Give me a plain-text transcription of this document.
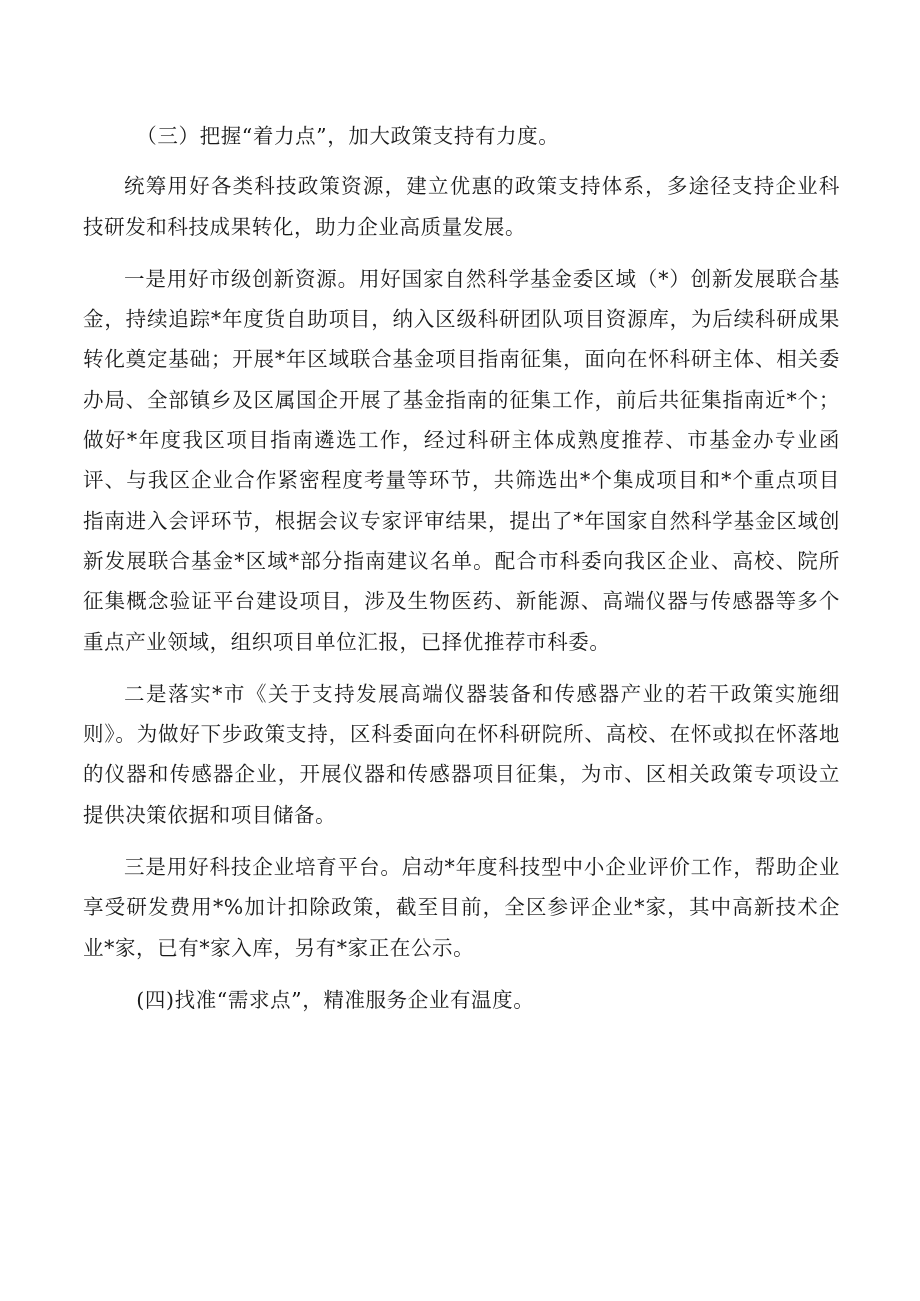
（三）把握“着力点”，加大政策支持有力度。

统筹用好各类科技政策资源，建立优惠的政策支持体系，多途径支持企业科技研发和科技成果转化，助力企业高质量发展。

一是用好市级创新资源。用好国家自然科学基金委区域（*）创新发展联合基金，持续追踪*年度货自助项目，纳入区级科研团队项目资源库，为后续科研成果转化奠定基础；开展*年区域联合基金项目指南征集，面向在怀科研主体、相关委办局、全部镇乡及区属国企开展了基金指南的征集工作，前后共征集指南近*个；做好*年度我区项目指南遴选工作，经过科研主体成熟度推荐、市基金办专业函评、与我区企业合作紧密程度考量等环节，共筛选出*个集成项目和*个重点项目指南进入会评环节，根据会议专家评审结果，提出了*年国家自然科学基金区域创新发展联合基金*区域*部分指南建议名单。配合市科委向我区企业、高校、院所征集概念验证平台建设项目，涉及生物医药、新能源、高端仪器与传感器等多个重点产业领域，组织项目单位汇报，已择优推荐市科委。

二是落实*市《关于支持发展高端仪器装备和传感器产业的若干政策实施细则》。为做好下步政策支持，区科委面向在怀科研院所、高校、在怀或拟在怀落地的仪器和传感器企业，开展仪器和传感器项目征集，为市、区相关政策专项设立提供决策依据和项目储备。

三是用好科技企业培育平台。启动*年度科技型中小企业评价工作，帮助企业享受研发费用*%加计扣除政策，截至目前，全区参评企业*家，其中高新技术企业*家，已有*家入库，另有*家正在公示。

(四)找准“需求点”，精准服务企业有温度。
